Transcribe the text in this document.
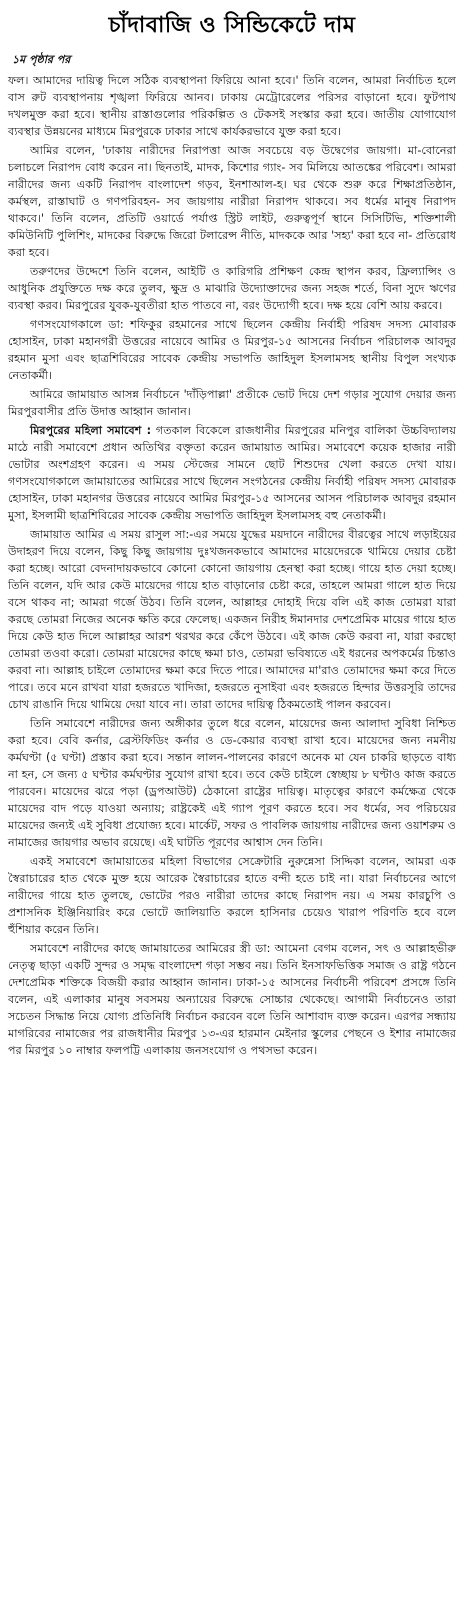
চাঁদাবাজি ও সিন্ডিকেটে দাম
১ম পৃষ্ঠার পর

ফল। আমাদের দায়িত্ব দিলে সঠিক ব্যবস্থাপনা ফিরিয়ে আনা হবে।' তিনি বলেন, আমরা নির্বাচিত হলে বাস রুট ব্যবস্থাপনায় শৃঙ্খলা ফিরিয়ে আনব। ঢাকায় মেট্রোরেলের পরিসর বাড়ানো হবে। ফুটপাথ দখলমুক্ত করা হবে। স্থানীয় রাস্তাগুলোর পরিকল্পিত ও টেকসই সংস্কার করা হবে। জাতীয় যোগাযোগ ব্যবস্থার উন্নয়নের মাধ্যমে মিরপুরকে ঢাকার সাথে কার্যকরভাবে যুক্ত করা হবে।

আমির বলেন, 'ঢাকায় নারীদের নিরাপত্তা আজ সবচেয়ে বড় উদ্বেগের জায়গা। মা-বোনেরা চলাচলে নিরাপদ বোধ করেন না। ছিনতাই, মাদক, কিশোর গ্যাং- সব মিলিয়ে আতঙ্কের পরিবেশ। আমরা নারীদের জন্য একটি নিরাপদ বাংলাদেশ গড়ব, ইনশাআল-হ। ঘর থেকে শুরু করে শিক্ষাপ্রতিষ্ঠান, কর্মস্থল, রাস্তাঘাট ও গণপরিবহন- সব জায়গায় নারীরা নিরাপদ থাকবে। সব ধর্মের মানুষ নিরাপদ থাকবে।' তিনি বলেন, প্রতিটি ওয়ার্ডে পর্যাপ্ত স্ট্রিট লাইট, গুরুত্বপূর্ণ স্থানে সিসিটিভি, শক্তিশালী কমিউনিটি পুলিশিং, মাদকের বিরুদ্ধে জিরো টলারেন্স নীতি, মাদককে আর 'সহ্য' করা হবে না- প্রতিরোধ করা হবে।

তরুণদের উদ্দেশে তিনি বলেন, আইটি ও কারিগরি প্রশিক্ষণ কেন্দ্র স্থাপন করব, ফ্রিল্যান্সিং ও আধুনিক প্রযুক্তিতে দক্ষ করে তুলব, ক্ষুদ্র ও মাঝারি উদ্যোক্তাদের জন্য সহজ শর্তে, বিনা সুদে ঋণের ব্যবস্থা করব। মিরপুরের যুবক-যুবতীরা হাত পাতবে না, বরং উদ্যোগী হবে। দক্ষ হয়ে বেশি আয় করবে।

গণসংযোগকালে ডা: শফিকুর রহমানের সাথে ছিলেন কেন্দ্রীয় নির্বাহী পরিষদ সদস্য মোবারক হোসাইন, ঢাকা মহানগরী উত্তরের নায়েবে আমির ও মিরপুর-১৫ আসনের নির্বাচন পরিচালক আবদুর রহমান মুসা এবং ছাত্রশিবিরের সাবেক কেন্দ্রীয় সভাপতি জাহিদুল ইসলামসহ স্থানীয় বিপুল সংখ্যক নেতাকর্মী।

আমিরে জামায়াত আসন্ন নির্বাচনে 'দাঁড়িপাল্লা' প্রতীকে ভোট দিয়ে দেশ গড়ার সুযোগ দেয়ার জন্য মিরপুরবাসীর প্রতি উদাত্ত আহ্বান জানান।

মিরপুরের মহিলা সমাবেশ : গতকাল বিকেলে রাজধানীর মিরপুরের মনিপুর বালিকা উচ্চবিদ্যালয় মাঠে নারী সমাবেশে প্রধান অতিথির বক্তৃতা করেন জামায়াত আমির। সমাবেশে কয়েক হাজার নারী ভোটার অংশগ্রহণ করেন। এ সময় স্টেজের সামনে ছোট শিশুদের খেলা করতে দেখা যায়। গণসংযোগকালে জামায়াতের আমিরের সাথে ছিলেন সংগঠনের কেন্দ্রীয় নির্বাহী পরিষদ সদস্য মোবারক হোসাইন, ঢাকা মহানগর উত্তরের নায়েবে আমির মিরপুর-১৫ আসনের আসন পরিচালক আবদুর রহমান মুসা, ইসলামী ছাত্রশিবিরের সাবেক কেন্দ্রীয় সভাপতি জাহিদুল ইসলামসহ বহু নেতাকর্মী।

জামায়াত আমির এ সময় রাসুল সা:-এর সময়ে যুদ্ধের ময়দানে নারীদের বীরত্বের সাথে লড়াইয়ের উদাহরণ দিয়ে বলেন, কিছু কিছু জায়গায় দুঃখজনকভাবে আমাদের মায়েদেরকে থামিয়ে দেয়ার চেষ্টা করা হচ্ছে। আরো বেদনাদায়কভাবে কোনো কোনো জায়গায় হেনস্থা করা হচ্ছে। গায়ে হাত দেয়া হচ্ছে। তিনি বলেন, যদি আর কেউ মায়েদের গায়ে হাত বাড়ানোর চেষ্টা করে, তাহলে আমরা গালে হাত দিয়ে বসে থাকব না; আমরা গর্জে উঠব। তিনি বলেন, আল্লাহর দোহাই দিয়ে বলি এই কাজ তোমরা যারা করছে তোমরা নিজের অনেক ক্ষতি করে ফেলেছ। একজন নিরীহ ঈমানদার দেশপ্রেমিক মায়ের গায়ে হাত দিয়ে কেউ হাত দিলে আল্লাহর আরশ থরথর করে কেঁপে উঠবে। এই কাজ কেউ করবা না, যারা করছো তোমরা তওবা করো। তোমরা মায়েদের কাছে ক্ষমা চাও, তোমরা ভবিষ্যতে এই ধরনের অপকর্মের চিন্তাও করবা না। আল্লাহ চাইলে তোমাদের ক্ষমা করে দিতে পারে। আমাদের মা'রাও তোমাদের ক্ষমা করে দিতে পারে। তবে মনে রাখবা যারা হজরতে খাদিজা, হজরতে নুসাইবা এবং হজরতে হিন্দার উত্তরসূরি তাদের চোখ রাঙানি দিয়ে থামিয়ে দেয়া যাবে না। তারা তাদের দায়িত্ব ঠিকমতোই পালন করবেন।

তিনি সমাবেশে নারীদের জন্য অঙ্গীকার তুলে ধরে বলেন, মায়েদের জন্য আলাদা সুবিধা নিশ্চিত করা হবে। বেবি কর্নার, ব্রেস্টফিডিং কর্নার ও ডে-কেয়ার ব্যবস্থা রাখা হবে। মায়েদের জন্য নমনীয় কর্মঘণ্টা (৫ ঘণ্টা) প্রস্তাব করা হবে। সন্তান লালন-পালনের কারণে অনেক মা যেন চাকরি ছাড়তে বাধ্য না হন, সে জন্য ৫ ঘণ্টার কর্মঘণ্টার সুযোগ রাখা হবে। তবে কেউ চাইলে স্বেচ্ছায় ৮ ঘণ্টাও কাজ করতে পারবেন। মায়েদের ঝরে পড়া (ড্রপআউট) ঠেকানো রাষ্ট্রের দায়িত্ব। মাতৃত্বের কারণে কর্মক্ষেত্র থেকে মায়েদের বাদ পড়ে যাওয়া অন্যায়; রাষ্ট্রকেই এই গ্যাপ পূরণ করতে হবে। সব ধর্মের, সব পরিচয়ের মায়েদের জন্যই এই সুবিধা প্রযোজ্য হবে। মার্কেট, সফর ও পাবলিক জায়গায় নারীদের জন্য ওয়াশরুম ও নামাজের জায়গার অভাব রয়েছে। এই ঘাটতি পূরণের আশ্বাস দেন তিনি।

একই সমাবেশে জামায়াতের মহিলা বিভাগের সেক্রেটারি নুরুন্নেসা সিদ্দিকা বলেন, আমরা এক স্বৈরাচারের হাত থেকে মুক্ত হয়ে আরেক স্বৈরাচারের হাতে বন্দী হতে চাই না। যারা নির্বাচনের আগে নারীদের গায়ে হাত তুলছে, ভোটের পরও নারীরা তাদের কাছে নিরাপদ নয়। এ সময় কারচুপি ও প্রশাসনিক ইঞ্জিনিয়ারিং করে ভোটে জালিয়াতি করলে হাসিনার চেয়েও খারাপ পরিণতি হবে বলে হুঁশিয়ার করেন তিনি।

সমাবেশে নারীদের কাছে জামায়াতের আমিরের স্ত্রী ডা: আমেনা বেগম বলেন, সৎ ও আল্লাহভীরু নেতৃত্ব ছাড়া একটি সুন্দর ও সমৃদ্ধ বাংলাদেশ গড়া সম্ভব নয়। তিনি ইনসাফভিত্তিক সমাজ ও রাষ্ট্র গঠনে দেশপ্রেমিক শক্তিকে বিজয়ী করার আহ্বান জানান। ঢাকা-১৫ আসনের নির্বাচনী পরিবেশ প্রসঙ্গে তিনি বলেন, এই এলাকার মানুষ সবসময় অন্যায়ের বিরুদ্ধে সোচ্চার থেকেছে। আগামী নির্বাচনেও তারা সচেতন সিদ্ধান্ত নিয়ে যোগ্য প্রতিনিধি নির্বাচন করবেন বলে তিনি আশাবাদ ব্যক্ত করেন। এরপর সন্ধ্যায় মাগরিবের নামাজের পর রাজধানীর মিরপুর ১৩-এর হারমান মেইনার স্কুলের পেছনে ও ইশার নামাজের পর মিরপুর ১০ নাম্বার ফলপট্টি এলাকায় জনসংযোগ ও পথসভা করেন।
